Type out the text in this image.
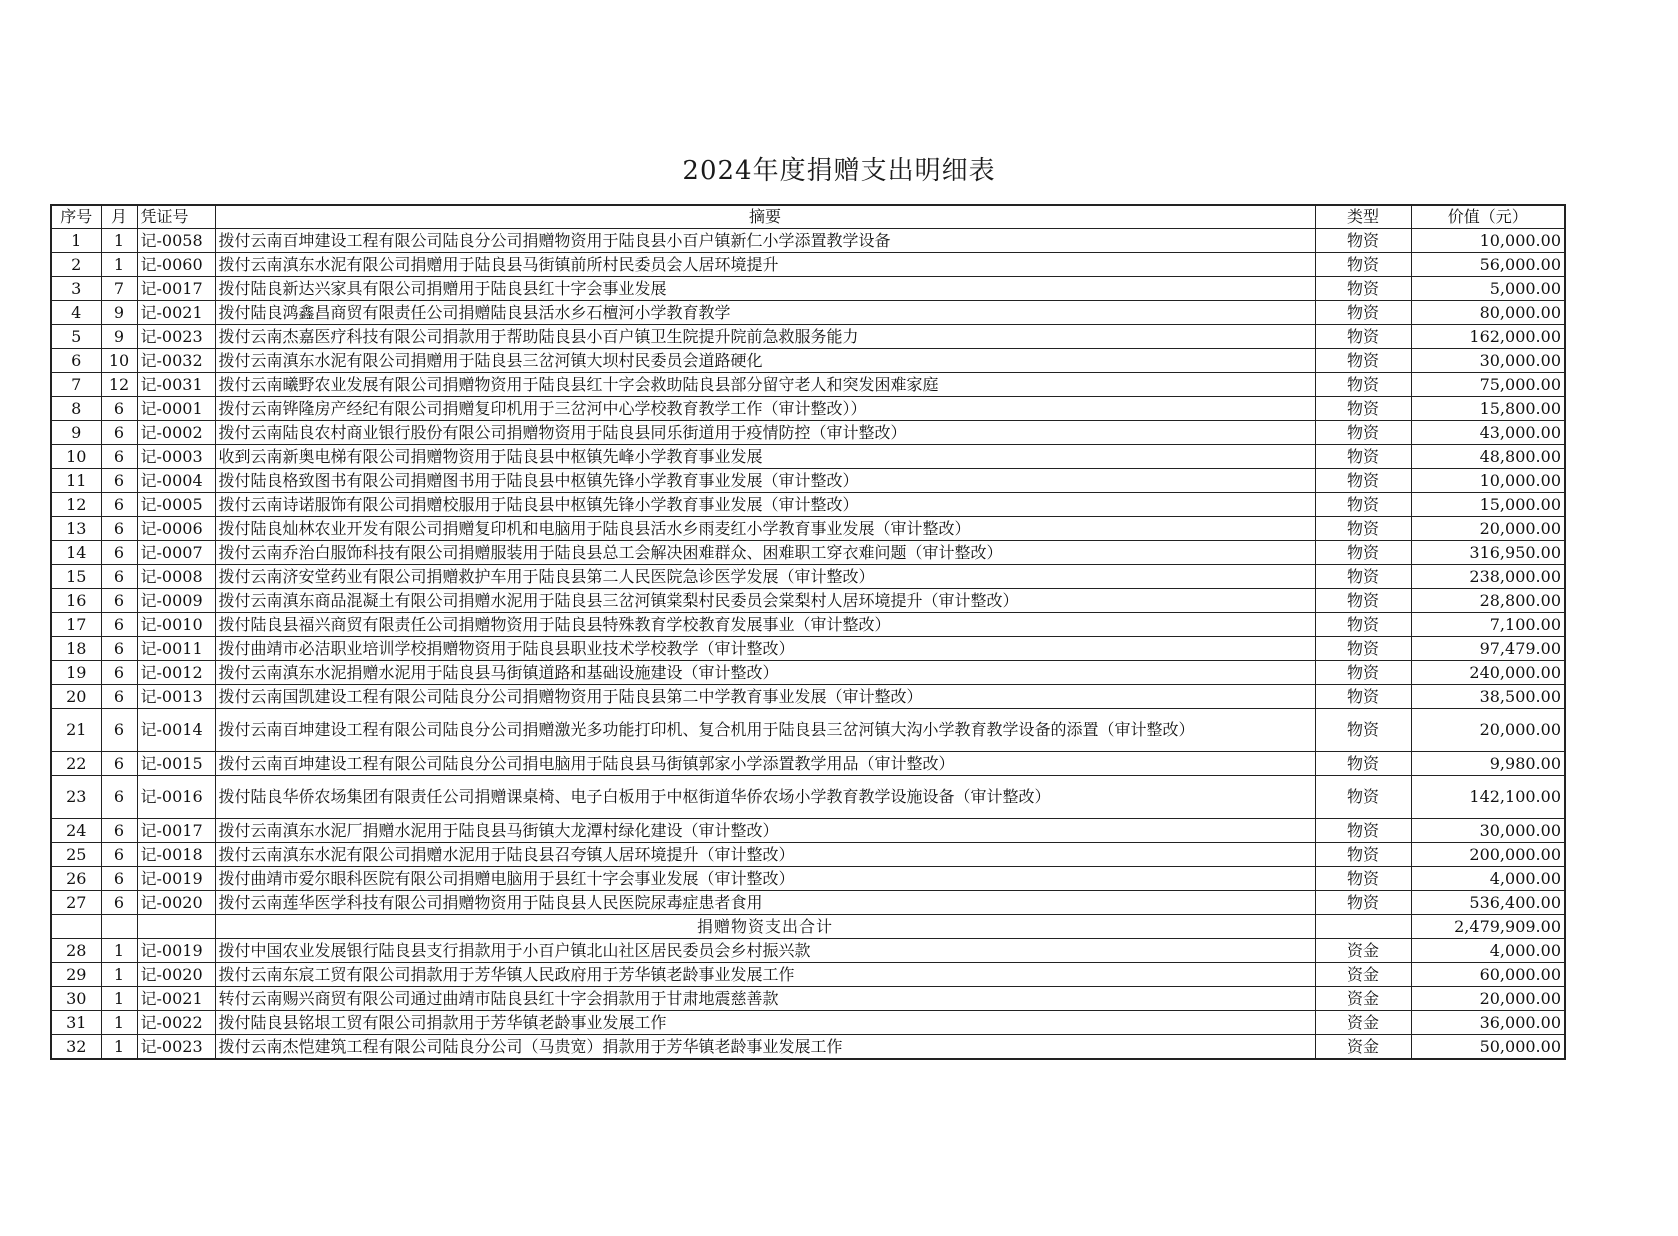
2024年度捐赠支出明细表
序号	月	凭证号	摘要	类型	价值（元）
1	1	记-0058	拨付云南百坤建设工程有限公司陆良分公司捐赠物资用于陆良县小百户镇新仁小学添置教学设备	物资	10,000.00
2	1	记-0060	拨付云南滇东水泥有限公司捐赠用于陆良县马街镇前所村民委员会人居环境提升	物资	56,000.00
3	7	记-0017	拨付陆良新达兴家具有限公司捐赠用于陆良县红十字会事业发展	物资	5,000.00
4	9	记-0021	拨付陆良鸿鑫昌商贸有限责任公司捐赠陆良县活水乡石檀河小学教育教学	物资	80,000.00
5	9	记-0023	拨付云南杰嘉医疗科技有限公司捐款用于帮助陆良县小百户镇卫生院提升院前急救服务能力	物资	162,000.00
6	10	记-0032	拨付云南滇东水泥有限公司捐赠用于陆良县三岔河镇大坝村民委员会道路硬化	物资	30,000.00
7	12	记-0031	拨付云南曦野农业发展有限公司捐赠物资用于陆良县红十字会救助陆良县部分留守老人和突发困难家庭	物资	75,000.00
8	6	记-0001	拨付云南铧隆房产经纪有限公司捐赠复印机用于三岔河中心学校教育教学工作（审计整改））	物资	15,800.00
9	6	记-0002	拨付云南陆良农村商业银行股份有限公司捐赠物资用于陆良县同乐街道用于疫情防控（审计整改）	物资	43,000.00
10	6	记-0003	收到云南新奥电梯有限公司捐赠物资用于陆良县中枢镇先峰小学教育事业发展	物资	48,800.00
11	6	记-0004	拨付陆良格致图书有限公司捐赠图书用于陆良县中枢镇先锋小学教育事业发展（审计整改）	物资	10,000.00
12	6	记-0005	拨付云南诗诺服饰有限公司捐赠校服用于陆良县中枢镇先锋小学教育事业发展（审计整改）	物资	15,000.00
13	6	记-0006	拨付陆良灿林农业开发有限公司捐赠复印机和电脑用于陆良县活水乡雨麦红小学教育事业发展（审计整改）	物资	20,000.00
14	6	记-0007	拨付云南乔治白服饰科技有限公司捐赠服装用于陆良县总工会解决困难群众、困难职工穿衣难问题（审计整改）	物资	316,950.00
15	6	记-0008	拨付云南济安堂药业有限公司捐赠救护车用于陆良县第二人民医院急诊医学发展（审计整改）	物资	238,000.00
16	6	记-0009	拨付云南滇东商品混凝土有限公司捐赠水泥用于陆良县三岔河镇棠梨村民委员会棠梨村人居环境提升（审计整改）	物资	28,800.00
17	6	记-0010	拨付陆良县福兴商贸有限责任公司捐赠物资用于陆良县特殊教育学校教育发展事业（审计整改）	物资	7,100.00
18	6	记-0011	拨付曲靖市必洁职业培训学校捐赠物资用于陆良县职业技术学校教学（审计整改）	物资	97,479.00
19	6	记-0012	拨付云南滇东水泥捐赠水泥用于陆良县马街镇道路和基础设施建设（审计整改）	物资	240,000.00
20	6	记-0013	拨付云南国凯建设工程有限公司陆良分公司捐赠物资用于陆良县第二中学教育事业发展（审计整改）	物资	38,500.00
21	6	记-0014	拨付云南百坤建设工程有限公司陆良分公司捐赠激光多功能打印机、复合机用于陆良县三岔河镇大沟小学教育教学设备的添置（审计整改）	物资	20,000.00
22	6	记-0015	拨付云南百坤建设工程有限公司陆良分公司捐电脑用于陆良县马街镇郭家小学添置教学用品（审计整改）	物资	9,980.00
23	6	记-0016	拨付陆良华侨农场集团有限责任公司捐赠课桌椅、电子白板用于中枢街道华侨农场小学教育教学设施设备（审计整改）	物资	142,100.00
24	6	记-0017	拨付云南滇东水泥厂捐赠水泥用于陆良县马街镇大龙潭村绿化建设（审计整改）	物资	30,000.00
25	6	记-0018	拨付云南滇东水泥有限公司捐赠水泥用于陆良县召夸镇人居环境提升（审计整改）	物资	200,000.00
26	6	记-0019	拨付曲靖市爱尔眼科医院有限公司捐赠电脑用于县红十字会事业发展（审计整改）	物资	4,000.00
27	6	记-0020	拨付云南莲华医学科技有限公司捐赠物资用于陆良县人民医院尿毒症患者食用	物资	536,400.00
			捐赠物资支出合计		2,479,909.00
28	1	记-0019	拨付中国农业发展银行陆良县支行捐款用于小百户镇北山社区居民委员会乡村振兴款	资金	4,000.00
29	1	记-0020	拨付云南东宸工贸有限公司捐款用于芳华镇人民政府用于芳华镇老龄事业发展工作	资金	60,000.00
30	1	记-0021	转付云南赐兴商贸有限公司通过曲靖市陆良县红十字会捐款用于甘肃地震慈善款	资金	20,000.00
31	1	记-0022	拨付陆良县铭垠工贸有限公司捐款用于芳华镇老龄事业发展工作	资金	36,000.00
32	1	记-0023	拨付云南杰恺建筑工程有限公司陆良分公司（马贵宽）捐款用于芳华镇老龄事业发展工作	资金	50,000.00
